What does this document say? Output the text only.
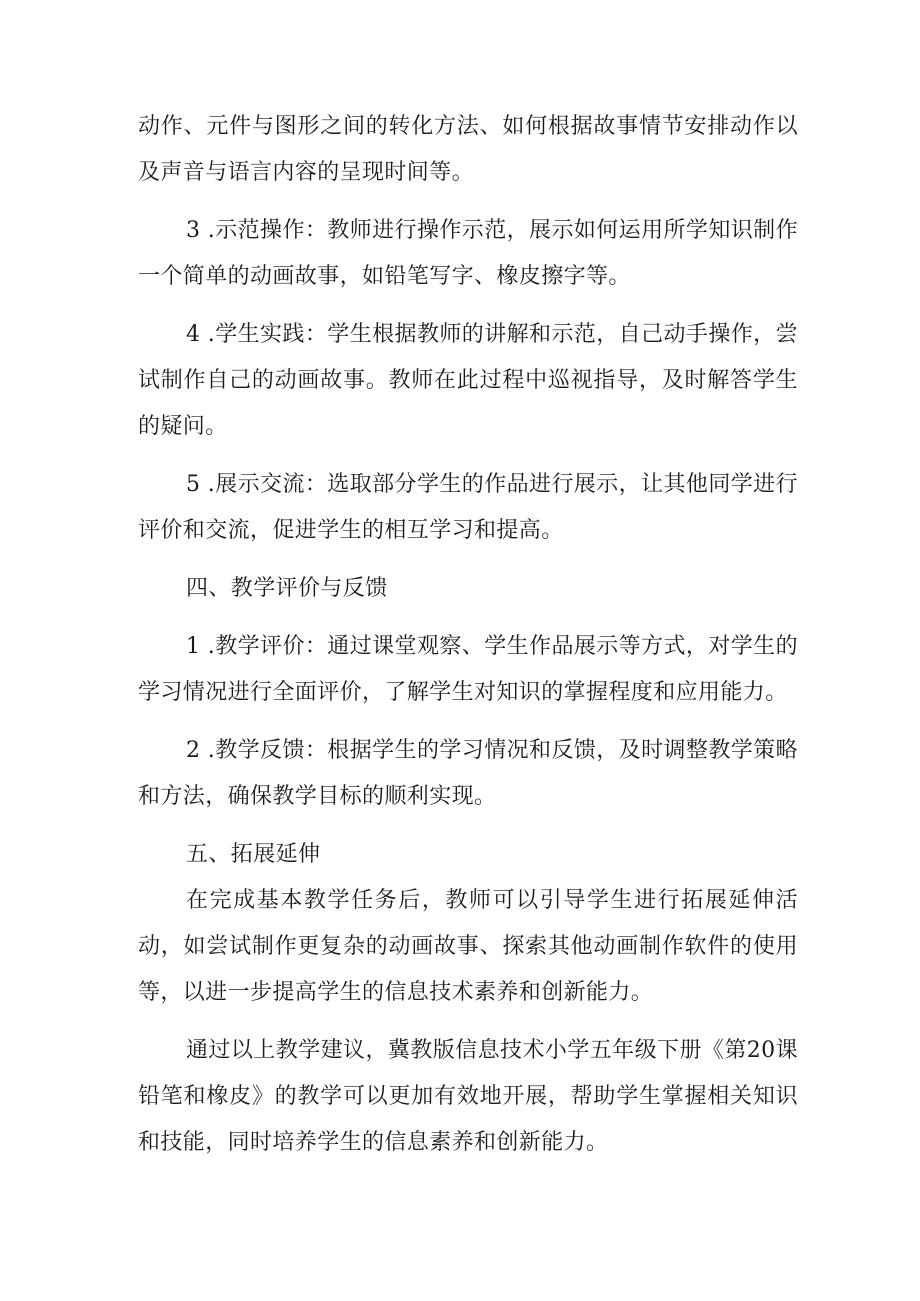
动作、元件与图形之间的转化方法、如何根据故事情节安排动作以及声音与语言内容的呈现时间等。

3 .示范操作：教师进行操作示范，展示如何运用所学知识制作一个简单的动画故事，如铅笔写字、橡皮擦字等。

4 .学生实践：学生根据教师的讲解和示范，自己动手操作，尝试制作自己的动画故事。教师在此过程中巡视指导，及时解答学生的疑问。

5 .展示交流：选取部分学生的作品进行展示，让其他同学进行评价和交流，促进学生的相互学习和提高。

四、教学评价与反馈

1 .教学评价：通过课堂观察、学生作品展示等方式，对学生的学习情况进行全面评价，了解学生对知识的掌握程度和应用能力。

2 .教学反馈：根据学生的学习情况和反馈，及时调整教学策略和方法，确保教学目标的顺利实现。

五、拓展延伸

在完成基本教学任务后，教师可以引导学生进行拓展延伸活动，如尝试制作更复杂的动画故事、探索其他动画制作软件的使用等，以进一步提高学生的信息技术素养和创新能力。

通过以上教学建议，冀教版信息技术小学五年级下册《第20课铅笔和橡皮》的教学可以更加有效地开展，帮助学生掌握相关知识和技能，同时培养学生的信息素养和创新能力。
